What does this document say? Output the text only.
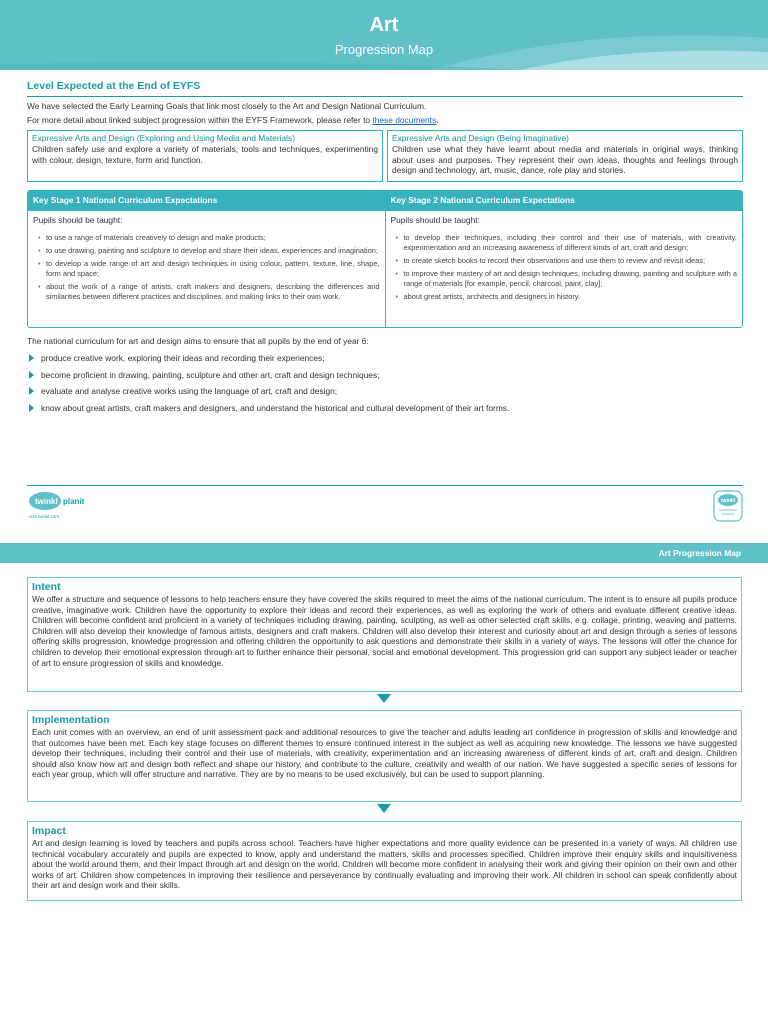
Art
Progression Map
Level Expected at the End of EYFS
We have selected the Early Learning Goals that link most closely to the Art and Design National Curriculum.
For more detail about linked subject progression within the EYFS Framework, please refer to these documents.
Expressive Arts and Design (Exploring and Using Media and Materials)
Children safely use and explore a variety of materials, tools and techniques, experimenting with colour, design, texture, form and function.
Expressive Arts and Design (Being Imaginative)
Children use what they have learnt about media and materials in original ways, thinking about uses and purposes. They represent their own ideas, thoughts and feelings through design and technology, art, music, dance, role play and stories.
Key Stage 1 National Curriculum Expectations
Pupils should be taught:
• to use a range of materials creatively to design and make products;
• to use drawing, painting and sculpture to develop and share their ideas, experiences and imagination;
• to develop a wide range of art and design techniques in using colour, pattern, texture, line, shape, form and space;
• about the work of a range of artists, craft makers and designers, describing the differences and similarities between different practices and disciplines, and making links to their own work.
Key Stage 2 National Curriculum Expectations
Pupils should be taught:
• to develop their techniques, including their control and their use of materials, with creativity, experimentation and an increasing awareness of different kinds of art, craft and design;
• to create sketch books to record their observations and use them to review and revisit ideas;
• to improve their mastery of art and design techniques, including drawing, painting and sculpture with a range of materials [for example, pencil, charcoal, paint, clay];
• about great artists, architects and designers in history.
The national curriculum for art and design aims to ensure that all pupils by the end of year 6:
produce creative work, exploring their ideas and recording their experiences;
become proficient in drawing, painting, sculpture and other art, craft and design techniques;
evaluate and analyse creative works using the language of art, craft and design;
know about great artists, craft makers and designers, and understand the historical and cultural development of their art forms.
twinkl planit
visit twinkl.com
twinkl
Art Progression Map
Intent
We offer a structure and sequence of lessons to help teachers ensure they have covered the skills required to meet the aims of the national curriculum. The intent is to ensure all pupils produce creative, imaginative work. Children have the opportunity to explore their ideas and record their experiences, as well as exploring the work of others and evaluate different creative ideas. Children will become confident and proficient in a variety of techniques including drawing, painting, sculpting, as well as other selected craft skills, e.g. collage, printing, weaving and patterns. Children will also develop their knowledge of famous artists, designers and craft makers. Children will also develop their interest and curiosity about art and design through a series of lessons offering skills progression, knowledge progression and offering children the opportunity to ask questions and demonstrate their skills in a variety of ways. The lessons will offer the chance for children to develop their emotional expression through art to further enhance their personal, social and emotional development. This progression grid can support any subject leader or teacher of art to ensure progression of skills and knowledge.
Implementation
Each unit comes with an overview, an end of unit assessment pack and additional resources to give the teacher and adults leading art confidence in progression of skills and knowledge and that outcomes have been met. Each key stage focuses on different themes to ensure continued interest in the subject as well as acquiring new knowledge. The lessons we have suggested develop their techniques, including their control and their use of materials, with creativity, experimentation and an increasing awareness of different kinds of art, craft and design. Children should also know how art and design both reflect and shape our history, and contribute to the culture, creativity and wealth of our nation. We have suggested a specific series of lessons for each year group, which will offer structure and narrative. They are by no means to be used exclusively, but can be used to support planning.
Impact
Art and design learning is loved by teachers and pupils across school. Teachers have higher expectations and more quality evidence can be presented in a variety of ways. All children use technical vocabulary accurately and pupils are expected to know, apply and understand the matters, skills and processes specified. Children improve their enquiry skills and inquisitiveness about the world around them, and their impact through art and design on the world. Children will become more confident in analysing their work and giving their opinion on their own and other works of art. Children show competences in improving their resilience and perseverance by continually evaluating and improving their work. All children in school can speak confidently about their art and design work and their skills.
